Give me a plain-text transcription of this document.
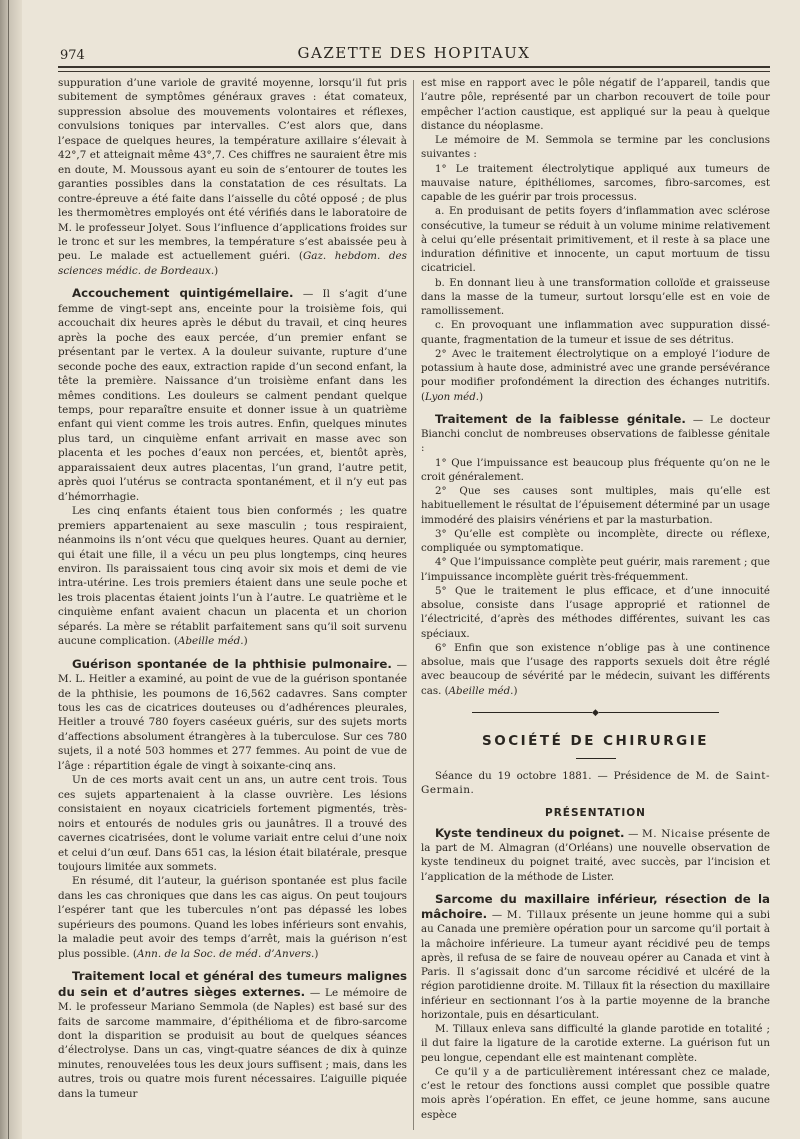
974	GAZETTE DES HOPITAUX

suppuration d’une variole de gravité moyenne, lorsqu’il fut pris subitement de symptômes généraux graves : état comateux, suppression absolue des mouvements volontaires et réflexes, convulsions toniques par intervalles. C’est alors que, dans l’espace de quelques heures, la température axillaire s’élevait à 42°,7 et atteignait même 43°,7. Ces chiffres ne sauraient être mis en doute, M. Moussous ayant eu soin de s’entourer de toutes les garanties possibles dans la constatation de ces résultats. La contre-épreuve a été faite dans l’aisselle du côté opposé ; de plus les thermomètres employés ont été vérifiés dans le laboratoire de M. le professeur Jolyet. Sous l’influence d’applications froides sur le tronc et sur les membres, la température s’est abaissée peu à peu. Le malade est actuellement guéri. (Gaz. hebdom. des sciences médic. de Bordeaux.)

Accouchement quintigémellaire. — Il s’agit d’une femme de vingt-sept ans, enceinte pour la troisième fois, qui accouchait dix heures après le début du travail, et cinq heures après la poche des eaux percée, d’un premier enfant se présentant par le vertex. A la douleur suivante, rupture d’une seconde poche des eaux, extraction rapide d’un second enfant, la tête la première. Naissance d’un troisième enfant dans les mêmes conditions. Les douleurs se calment pendant quelque temps, pour reparaître ensuite et donner issue à un quatrième enfant qui vient comme les trois autres. Enfin, quelques minutes plus tard, un cinquième enfant arrivait en masse avec son placenta et les poches d’eaux non percées, et, bientôt après, apparaissaient deux autres placentas, l’un grand, l’autre petit, après quoi l’utérus se contracta spontanément, et il n’y eut pas d’hémorrhagie.

Les cinq enfants étaient tous bien conformés ; les quatre premiers appartenaient au sexe masculin ; tous respiraient, néanmoins ils n’ont vécu que quelques heures. Quant au dernier, qui était une fille, il a vécu un peu plus longtemps, cinq heures environ. Ils paraissaient tous cinq avoir six mois et demi de vie intra-utérine. Les trois premiers étaient dans une seule poche et les trois placentas étaient joints l’un à l’autre. Le quatrième et le cinquième enfant avaient chacun un placenta et un chorion séparés. La mère se rétablit parfaitement sans qu’il soit survenu aucune complication. (Abeille méd.)

Guérison spontanée de la phthisie pulmonaire. — M. L. Heitler a examiné, au point de vue de la guérison spontanée de la phthisie, les poumons de 16,562 cadavres. Sans compter tous les cas de cicatrices douteuses ou d’adhérences pleurales, Heitler a trouvé 780 foyers caséeux guéris, sur des sujets morts d’affections absolument étrangères à la tuberculose. Sur ces 780 sujets, il a noté 503 hommes et 277 femmes. Au point de vue de l’âge : répartition égale de vingt à soixante-cinq ans.

Un de ces morts avait cent un ans, un autre cent trois. Tous ces sujets appartenaient à la classe ouvrière. Les lésions consistaient en noyaux cicatriciels fortement pigmentés, très-noirs et entourés de nodules gris ou jaunâtres. Il a trouvé des cavernes cicatrisées, dont le volume variait entre celui d’une noix et celui d’un œuf. Dans 651 cas, la lésion était bilatérale, presque toujours limitée aux sommets.

En résumé, dit l’auteur, la guérison spontanée est plus facile dans les cas chroniques que dans les cas aigus. On peut toujours l’espérer tant que les tubercules n’ont pas dépassé les lobes supérieurs des poumons. Quand les lobes inférieurs sont envahis, la maladie peut avoir des temps d’arrêt, mais la guérison n’est plus possible. (Ann. de la Soc. de méd. d’Anvers.)

Traitement local et général des tumeurs malignes du sein et d’autres sièges externes. — Le mémoire de M. le professeur Mariano Semmola (de Naples) est basé sur des faits de sarcome mammaire, d’épithélioma et de fibro-sarcome dont la disparition se produisit au bout de quelques séances d’électrolyse. Dans un cas, vingt-quatre séances de dix à quinze minutes, renouvelées tous les deux jours suffisent ; mais, dans les autres, trois ou quatre mois furent nécessaires. L’aiguille piquée dans la tumeur

est mise en rapport avec le pôle négatif de l’appareil, tandis que l’autre pôle, représenté par un charbon recouvert de toile pour empêcher l’action caustique, est appliqué sur la peau à quelque distance du néoplasme.

Le mémoire de M. Semmola se termine par les conclusions suivantes :

1° Le traitement électrolytique appliqué aux tumeurs de mauvaise nature, épithéliomes, sarcomes, fibro-sarcomes, est capable de les guérir par trois processus.

a. En produisant de petits foyers d’inflammation avec sclérose consécutive, la tumeur se réduit à un volume minime relativement à celui qu’elle présentait primitivement, et il reste à sa place une induration définitive et innocente, un caput mortuum de tissu cicatriciel.

b. En donnant lieu à une transformation colloïde et graisseuse dans la masse de la tumeur, surtout lorsqu’elle est en voie de ramollissement.

c. En provoquant une inflammation avec suppuration disséquante, fragmentation de la tumeur et issue de ses détritus.

2° Avec le traitement électrolytique on a employé l’iodure de potassium à haute dose, administré avec une grande persévérance pour modifier profondément la direction des échanges nutritifs. (Lyon méd.)

Traitement de la faiblesse génitale. — Le docteur Bianchi conclut de nombreuses observations de faiblesse génitale :

1° Que l’impuissance est beaucoup plus fréquente qu’on ne le croit généralement.

2° Que ses causes sont multiples, mais qu’elle est habituellement le résultat de l’épuisement déterminé par un usage immodéré des plaisirs vénériens et par la masturbation.

3° Qu’elle est complète ou incomplète, directe ou réflexe, compliquée ou symptomatique.

4° Que l’impuissance complète peut guérir, mais rarement ; que l’impuissance incomplète guérit très-fréquemment.

5° Que le traitement le plus efficace, et d’une innocuité absolue, consiste dans l’usage approprié et rationnel de l’électricité, d’après des méthodes différentes, suivant les cas spéciaux.

6° Enfin que son existence n’oblige pas à une continence absolue, mais que l’usage des rapports sexuels doit être réglé avec beaucoup de sévérité par le médecin, suivant les différents cas. (Abeille méd.)

◆
SOCIÉTÉ DE CHIRURGIE

Séance du 19 octobre 1881. — Présidence de M. de Saint-Germain.

PRÉSENTATION

Kyste tendineux du poignet. — M. Nicaise présente de la part de M. Almagran (d’Orléans) une nouvelle observation de kyste tendineux du poignet traité, avec succès, par l’incision et l’application de la méthode de Lister.

Sarcome du maxillaire inférieur, résection de la mâchoire. — M. Tillaux présente un jeune homme qui a subi au Canada une première opération pour un sarcome qu’il portait à la mâchoire inférieure. La tumeur ayant récidivé peu de temps après, il refusa de se faire de nouveau opérer au Canada et vint à Paris. Il s’agissait donc d’un sarcome récidivé et ulcéré de la région parotidienne droite. M. Tillaux fit la résection du maxillaire inférieur en sectionnant l’os à la partie moyenne de la branche horizontale, puis en désarticulant.

M. Tillaux enleva sans difficulté la glande parotide en totalité ; il dut faire la ligature de la carotide externe. La guérison fut un peu longue, cependant elle est maintenant complète.

Ce qu’il y a de particulièrement intéressant chez ce malade, c’est le retour des fonctions aussi complet que possible quatre mois après l’opération. En effet, ce jeune homme, sans aucune espèce
